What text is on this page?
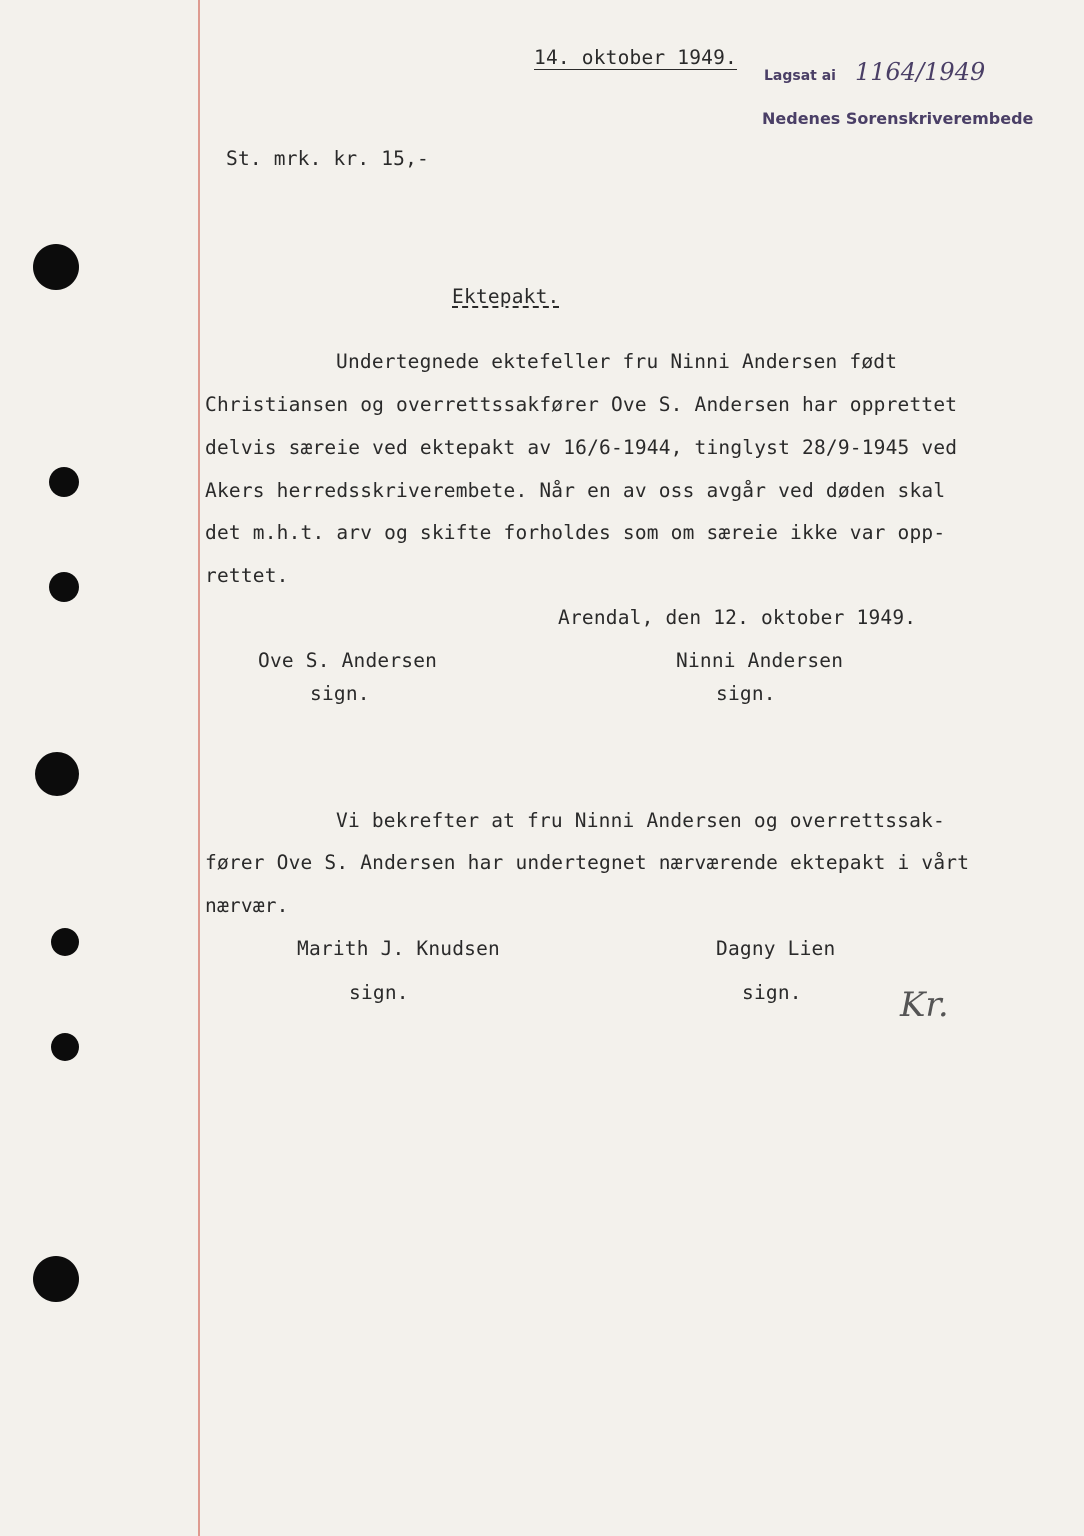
14. oktober 1949.
Lagsat ai 1164/1949
Nedenes Sorenskriverembede
St. mrk. kr. 15,-
Ektepakt.
Undertegnede ektefeller fru Ninni Andersen født
Christiansen og overrettssakfører Ove S. Andersen har opprettet
delvis særeie ved ektepakt av 16/6-1944, tinglyst 28/9-1945 ved
Akers herredsskriverembete. Når en av oss avgår ved døden skal
det m.h.t. arv og skifte forholdes som om særeie ikke var opp-
rettet.
Arendal, den 12. oktober 1949.
Ove S. Andersen
sign.
Ninni Andersen
sign.
Vi bekrefter at fru Ninni Andersen og overrettssak-
fører Ove S. Andersen har undertegnet nærværende ektepakt i vårt
nærvær.
Marith J. Knudsen
sign.
Dagny Lien
sign.	Kr.
